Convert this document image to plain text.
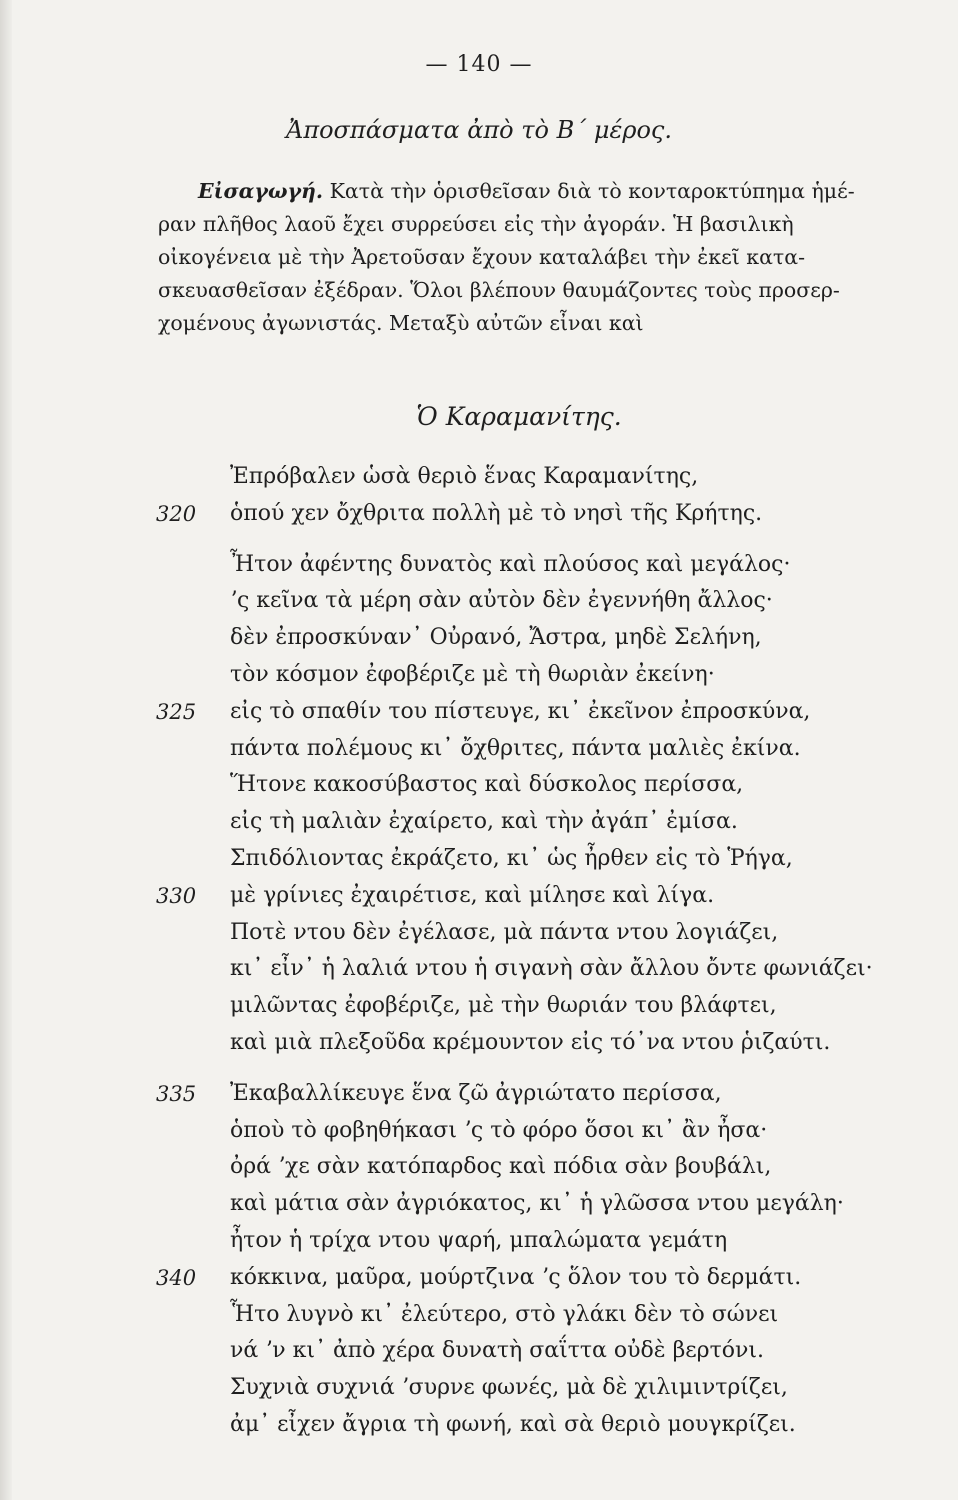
— 140 —
Ἀποσπάσματα ἀπὸ τὸ Β΄ μέρος.
Εἰσαγωγή. Κατὰ τὴν ὁρισθεῖσαν διὰ τὸ κονταροκτύπημα ἡμέ-
ραν πλῆθος λαοῦ ἔχει συρρεύσει εἰς τὴν ἀγοράν. Ἡ βασιλικὴ
οἰκογένεια μὲ τὴν Ἀρετοῦσαν ἔχουν καταλάβει τὴν ἐκεῖ κατα-
σκευασθεῖσαν ἐξέδραν. Ὅλοι βλέπουν θαυμάζοντες τοὺς προσερ-
χομένους ἀγωνιστάς. Μεταξὺ αὐτῶν εἶναι καὶ
Ὁ Καραμανίτης.
Ἐπρόβαλεν ὡσὰ θεριὸ ἕνας Καραμανίτης,
320 ὁπού χεν ὄχθριτα πολλὴ μὲ τὸ νησὶ τῆς Κρήτης.
Ἦτον ἀφέντης δυνατὸς καὶ πλούσος καὶ μεγάλος·
ʼς κεῖνα τὰ μέρη σὰν αὐτὸν δὲν ἐγεννήθη ἄλλος·
δὲν ἐπροσκύναν᾿ Οὐρανό, Ἄστρα, μηδὲ Σελήνη,
τὸν κόσμον ἐφοβέριζε μὲ τὴ θωριὰν ἐκείνη·
325 εἰς τὸ σπαθίν του πίστευγε, κι᾿ ἐκεῖνον ἐπροσκύνα,
πάντα πολέμους κι᾿ ὄχθριτες, πάντα μαλιὲς ἐκίνα.
Ἥτονε κακοσύβαστος καὶ δύσκολος περίσσα,
εἰς τὴ μαλιὰν ἐχαίρετο, καὶ τὴν ἀγάπ᾿ ἐμίσα.
Σπιδόλιοντας ἐκράζετο, κι᾿ ὡς ἦρθεν εἰς τὸ Ῥήγα,
330 μὲ γρίνιες ἐχαιρέτισε, καὶ μίλησε καὶ λίγα.
Ποτὲ ντου δὲν ἐγέλασε, μὰ πάντα ντου λογιάζει,
κι᾿ εἶν᾿ ἡ λαλιά ντου ἡ σιγανὴ σὰν ἄλλου ὄντε φωνιάζει·
μιλῶντας ἐφοβέριζε, μὲ τὴν θωριάν του βλάφτει,
καὶ μιὰ πλεξοῦδα κρέμουντον εἰς τό᾿να ντου ῥιζαύτι.
335 Ἐκαβαλλίκευγε ἕνα ζῶ ἀγριώτατο περίσσα,
ὁποὺ τὸ φοβηθήκασι ʼς τὸ φόρο ὅσοι κι᾿ ἂν ἦσα·
ὀρά ʼχε σὰν κατόπαρδος καὶ πόδια σὰν βουβάλι,
καὶ μάτια σὰν ἀγριόκατος, κι᾿ ἡ γλῶσσα ντου μεγάλη·
ἦτον ἡ τρίχα ντου ψαρή, μπαλώματα γεμάτη
340 κόκκινα, μαῦρα, μούρτζινα ʼς ὅλον του τὸ δερμάτι.
Ἧτο λυγνὸ κι᾿ ἐλεύτερο, στὸ γλάκι δὲν τὸ σώνει
νά ʼν κι᾿ ἀπὸ χέρα δυνατὴ σαΐττα οὐδὲ βερτόνι.
Συχνιὰ συχνιά ʼσυρνε φωνές, μὰ δὲ χιλιμιντρίζει,
ἀμ᾿ εἶχεν ἄγρια τὴ φωνή, καὶ σὰ θεριὸ μουγκρίζει.
